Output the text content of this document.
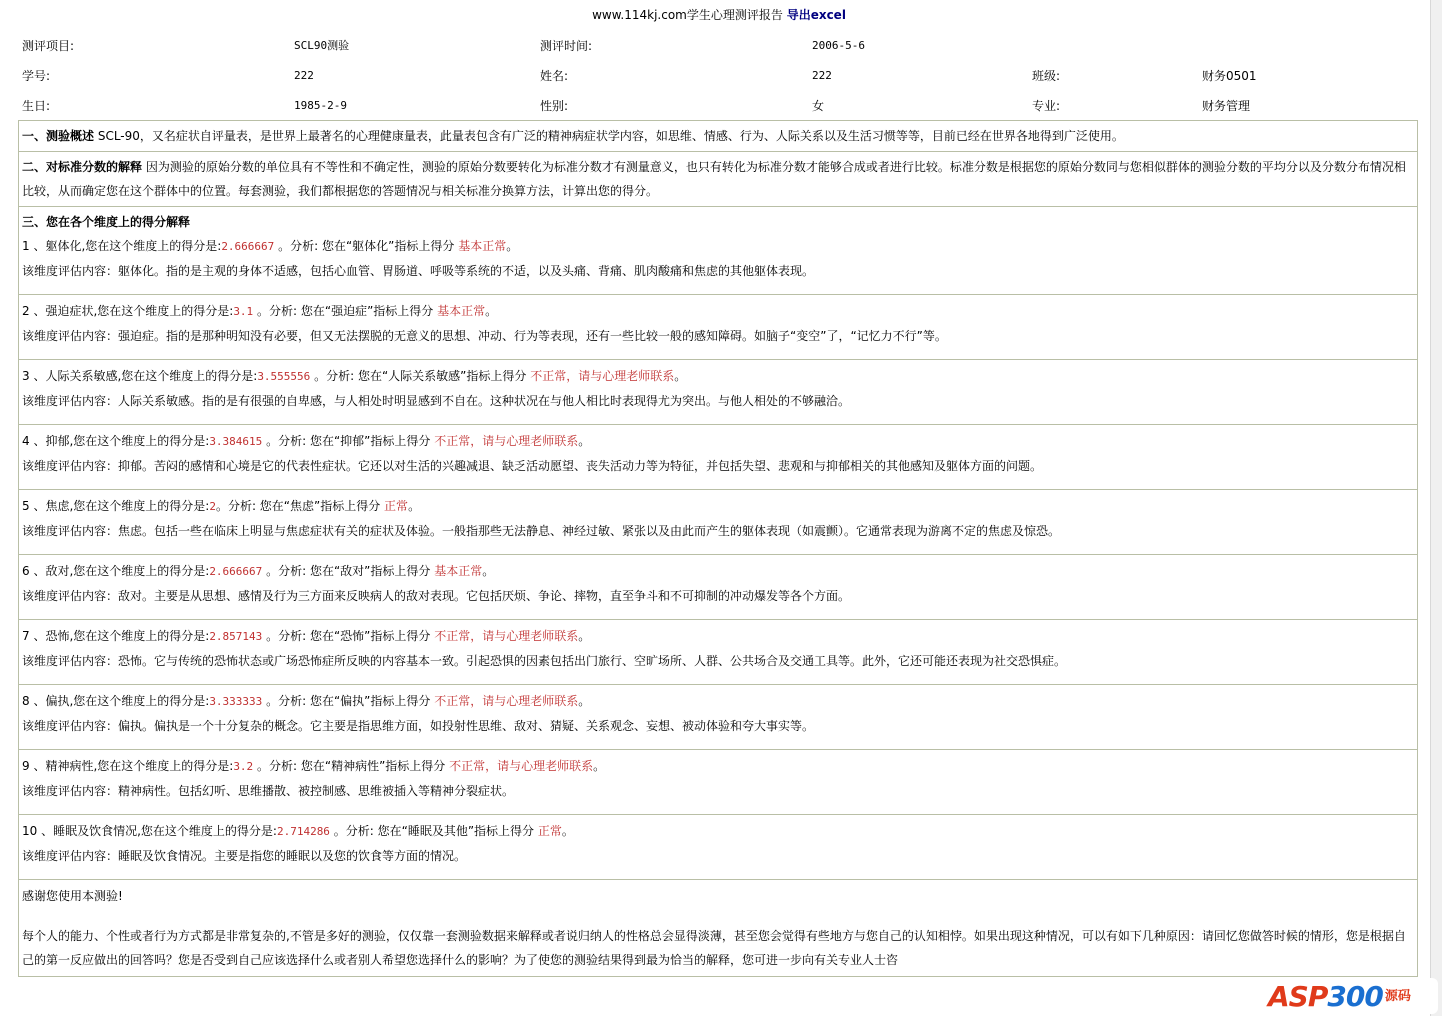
www.114kj.com学生心理测评报告 导出excel
测评项目:	SCL90测验	测评时间:	2006-5-6		
学号:	222	姓名:	222	班级:	财务0501
生日:	1985-2-9	性别:	女	专业:	财务管理
一、测验概述 SCL-90，又名症状自评量表，是世界上最著名的心理健康量表，此量表包含有广泛的精神病症状学内容，如思维、情感、行为、人际关系以及生活习惯等等，目前已经在世界各地得到广泛使用。
二、对标准分数的解释 因为测验的原始分数的单位具有不等性和不确定性，测验的原始分数要转化为标准分数才有测量意义，也只有转化为标准分数才能够合成或者进行比较。标准分数是根据您的原始分数同与您相似群体的测验分数的平均分以及分数分布情况相比较，从而确定您在这个群体中的位置。每套测验，我们都根据您的答题情况与相关标准分换算方法，计算出您的得分。
三、您在各个维度上的得分解释
1 、躯体化,您在这个维度上的得分是:2.666667 。分析: 您在“躯体化”指标上得分 基本正常。
该维度评估内容：躯体化。指的是主观的身体不适感，包括心血管、胃肠道、呼吸等系统的不适，以及头痛、背痛、肌肉酸痛和焦虑的其他躯体表现。
2 、强迫症状,您在这个维度上的得分是:3.1 。分析: 您在“强迫症”指标上得分 基本正常。
该维度评估内容：强迫症。指的是那种明知没有必要，但又无法摆脱的无意义的思想、冲动、行为等表现，还有一些比较一般的感知障碍。如脑子“变空”了，“记忆力不行”等。
3 、人际关系敏感,您在这个维度上的得分是:3.555556 。分析: 您在“人际关系敏感”指标上得分 不正常，请与心理老师联系。
该维度评估内容：人际关系敏感。指的是有很强的自卑感，与人相处时明显感到不自在。这种状况在与他人相比时表现得尤为突出。与他人相处的不够融洽。
4 、抑郁,您在这个维度上的得分是:3.384615 。分析: 您在“抑郁”指标上得分 不正常，请与心理老师联系。
该维度评估内容：抑郁。苦闷的感情和心境是它的代表性症状。它还以对生活的兴趣减退、缺乏活动愿望、丧失活动力等为特征，并包括失望、悲观和与抑郁相关的其他感知及躯体方面的问题。
5 、焦虑,您在这个维度上的得分是:2。分析: 您在“焦虑”指标上得分 正常。
该维度评估内容：焦虑。包括一些在临床上明显与焦虑症状有关的症状及体验。一般指那些无法静息、神经过敏、紧张以及由此而产生的躯体表现（如震颤）。它通常表现为游离不定的焦虑及惊恐。
6 、敌对,您在这个维度上的得分是:2.666667 。分析: 您在“敌对”指标上得分 基本正常。
该维度评估内容：敌对。主要是从思想、感情及行为三方面来反映病人的敌对表现。它包括厌烦、争论、摔物，直至争斗和不可抑制的冲动爆发等各个方面。
7 、恐怖,您在这个维度上的得分是:2.857143 。分析: 您在“恐怖”指标上得分 不正常，请与心理老师联系。
该维度评估内容：恐怖。它与传统的恐怖状态或广场恐怖症所反映的内容基本一致。引起恐惧的因素包括出门旅行、空旷场所、人群、公共场合及交通工具等。此外，它还可能还表现为社交恐惧症。
8 、偏执,您在这个维度上的得分是:3.333333 。分析: 您在“偏执”指标上得分 不正常，请与心理老师联系。
该维度评估内容：偏执。偏执是一个十分复杂的概念。它主要是指思维方面，如投射性思维、敌对、猜疑、关系观念、妄想、被动体验和夸大事实等。
9 、精神病性,您在这个维度上的得分是:3.2 。分析: 您在“精神病性”指标上得分 不正常，请与心理老师联系。
该维度评估内容：精神病性。包括幻听、思维播散、被控制感、思维被插入等精神分裂症状。
10 、睡眠及饮食情况,您在这个维度上的得分是:2.714286 。分析: 您在“睡眠及其他”指标上得分 正常。
该维度评估内容：睡眠及饮食情况。主要是指您的睡眠以及您的饮食等方面的情况。
感谢您使用本测验!
每个人的能力、个性或者行为方式都是非常复杂的,不管是多好的测验，仅仅靠一套测验数据来解释或者说归纳人的性格总会显得淡薄，甚至您会觉得有些地方与您自己的认知相悖。如果出现这种情况，可以有如下几种原因：请回忆您做答时候的情形，您是根据自己的第一反应做出的回答吗？您是否受到自己应该选择什么或者别人希望您选择什么的影响？为了使您的测验结果得到最为恰当的解释，您可进一步向有关专业人士咨
ASP 300 源码
